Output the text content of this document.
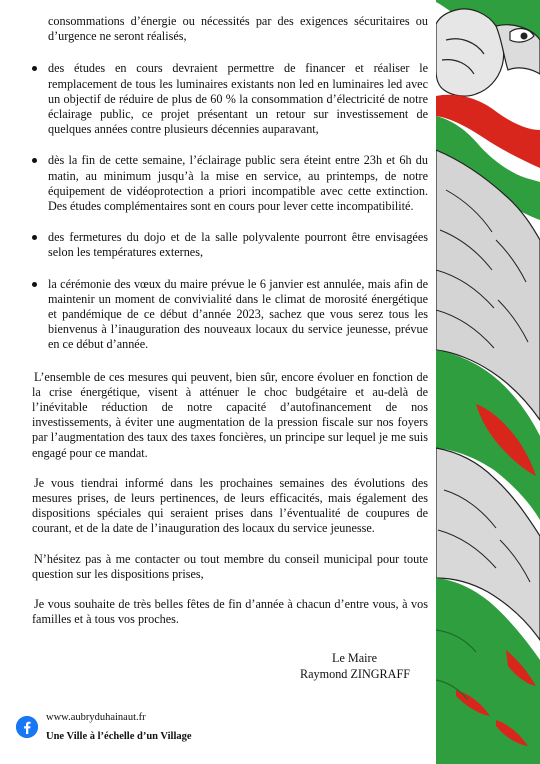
consommations d’énergie ou nécessités par des exigences sécuritaires ou d’urgence ne seront réalisés,
des études en cours devraient permettre de financer et réaliser le remplacement de tous les luminaires existants non led en luminaires led avec un objectif de réduire de plus de 60 % la consommation d’électricité de notre éclairage public, ce projet présentant un retour sur investissement de quelques années contre plusieurs décennies auparavant,
dès la fin de cette semaine, l’éclairage public sera éteint entre 23h et 6h du matin, au minimum jusqu’à la mise en service, au printemps, de notre équipement de vidéoprotection a priori incompatible avec cette extinction. Des études complémentaires sont en cours pour lever cette incompatibilité.
des fermetures du dojo et de la salle polyvalente pourront être envisagées selon les températures externes,
la cérémonie des vœux du maire prévue le 6 janvier est annulée, mais afin de maintenir un moment de convivialité dans le climat de morosité énergétique et pandémique de ce début d’année 2023, sachez que vous serez tous les bienvenus à l’inauguration des nouveaux locaux du service jeunesse, prévue en ce début d’année.

L’ensemble de ces mesures qui peuvent, bien sûr, encore évoluer en fonction de la crise énergétique, visent à atténuer le choc budgétaire et au-delà de l’inévitable réduction de notre capacité d’autofinancement de nos investissements, à éviter une augmentation de la pression fiscale sur nos foyers par l’augmentation des taux des taxes foncières, un principe sur lequel je me suis engagé pour ce mandat.

Je vous tiendrai informé dans les prochaines semaines des évolutions des mesures prises, de leurs pertinences, de leurs efficacités, mais également des dispositions spéciales qui seraient prises dans l’éventualité de coupures de courant, et de la date de l’inauguration des locaux du service jeunesse.

N’hésitez pas à me contacter ou tout membre du conseil municipal pour toute question sur les dispositions prises,

Je vous souhaite de très belles fêtes de fin d’année à chacun d’entre vous, à vos familles et à tous vos proches.

Le Maire
Raymond ZINGRAFF
www.aubryduhainaut.fr
Une Ville à l’échelle d’un Village
